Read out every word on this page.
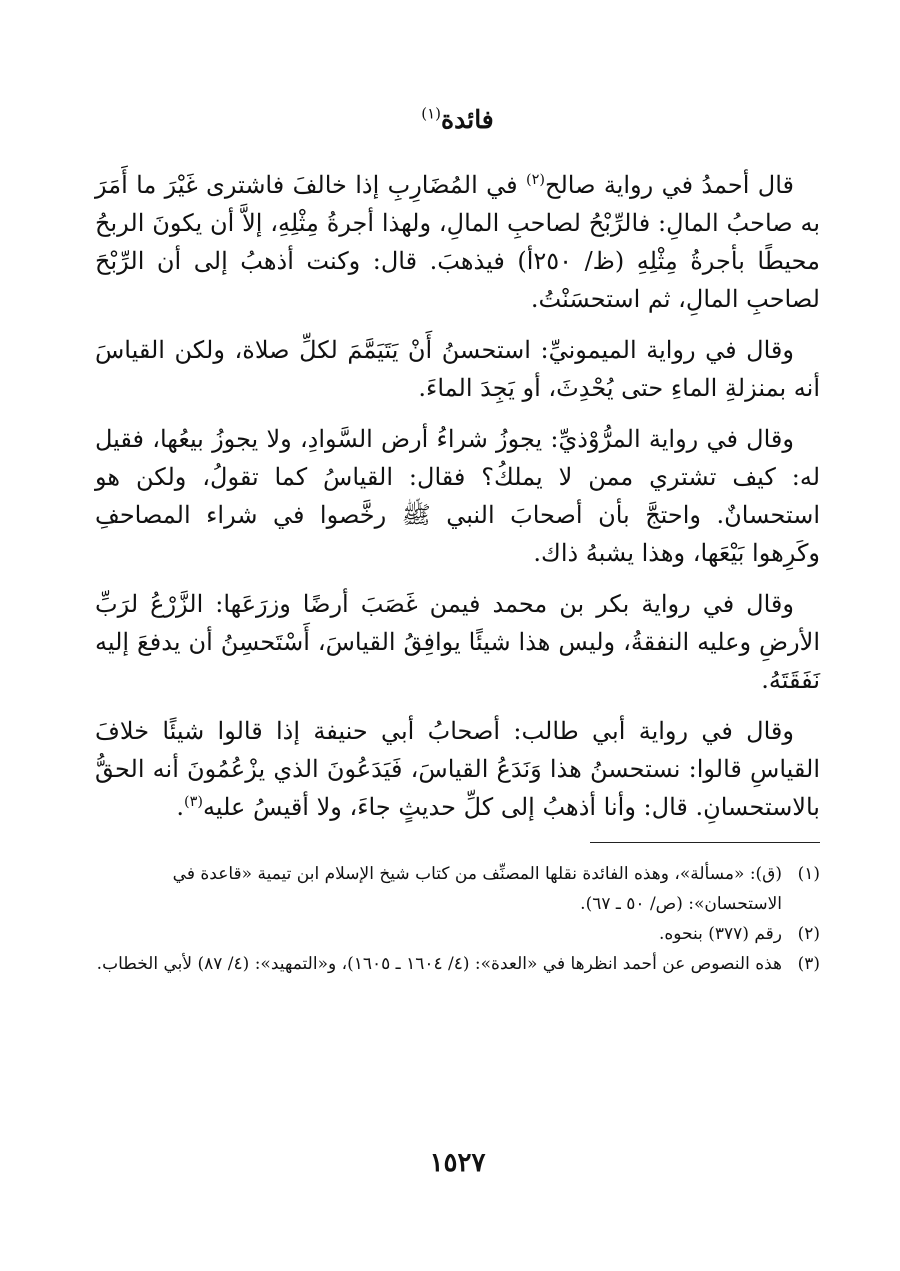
فائدة$^{(١)}$

قال أحمدُ في رواية صالح$^{(٢)}$ في المُضَارِبِ إذا خالفَ فاشترى غَيْرَ ما أَمَرَ به صاحبُ المالِ: فالرِّبْحُ لصاحبِ المالِ، ولهذا أجرةُ مِثْلِهِ، إلاَّ أن يكونَ الربحُ محيطًا بأجرةُ مِثْلِهِ (ظ/ ٢٥٠أ) فيذهبَ. قال: وكنت أذهبُ إلى أن الرِّبْحَ لصاحبِ المالِ، ثم استحسَنْتُ.

وقال في رواية الميمونيِّ: استحسنُ أَنْ يَتَيَمَّمَ لكلِّ صلاة، ولكن القياسَ أنه بمنزلةِ الماءِ حتى يُحْدِثَ، أو يَجِدَ الماءَ.

وقال في رواية المرُّوْذيِّ: يجوزُ شراءُ أرض السَّوادِ، ولا يجوزُ بيعُها، فقيل له: كيف تشتري ممن لا يملكُ؟ فقال: القياسُ كما تقولُ، ولكن هو استحسانٌ. واحتجَّ بأن أصحابَ النبي ﷺ رخَّصوا في شراء المصاحفِ وكَرِهوا بَيْعَها، وهذا يشبهُ ذاك.

وقال في رواية بكر بن محمد فيمن غَصَبَ أرضًا وزرَعَها: الزَّرْعُ لرَبِّ الأرضِ وعليه النفقةُ، وليس هذا شيئًا يوافِقُ القياسَ، أَسْتَحسِنُ أن يدفعَ إليه نَفَقَتَهُ.

وقال في رواية أبي طالب: أصحابُ أبي حنيفة إذا قالوا شيئًا خلافَ القياسِ قالوا: نستحسنُ هذا وَنَدَعُ القياسَ، فَيَدَعُونَ الذي يزْعُمُونَ أنه الحقُّ بالاستحسانِ. قال: وأنا أذهبُ إلى كلِّ حديثٍ جاءَ، ولا أقيسُ عليه$^{(٣)}$.

(١)
(ق): «مسألة»، وهذه الفائدة نقلها المصنِّف من كتاب شيخ الإسلام ابن تيمية «قاعدة في الاستحسان»: (ص/ ٥٠ ـ ٦٧).
(٢)
رقم (٣٧٧) بنحوه.
(٣)
هذه النصوص عن أحمد انظرها في «العدة»: (٤/ ١٦٠٤ ـ ١٦٠٥)، و«التمهيد»: (٤/ ٨٧) لأبي الخطاب.
١٥٢٧
